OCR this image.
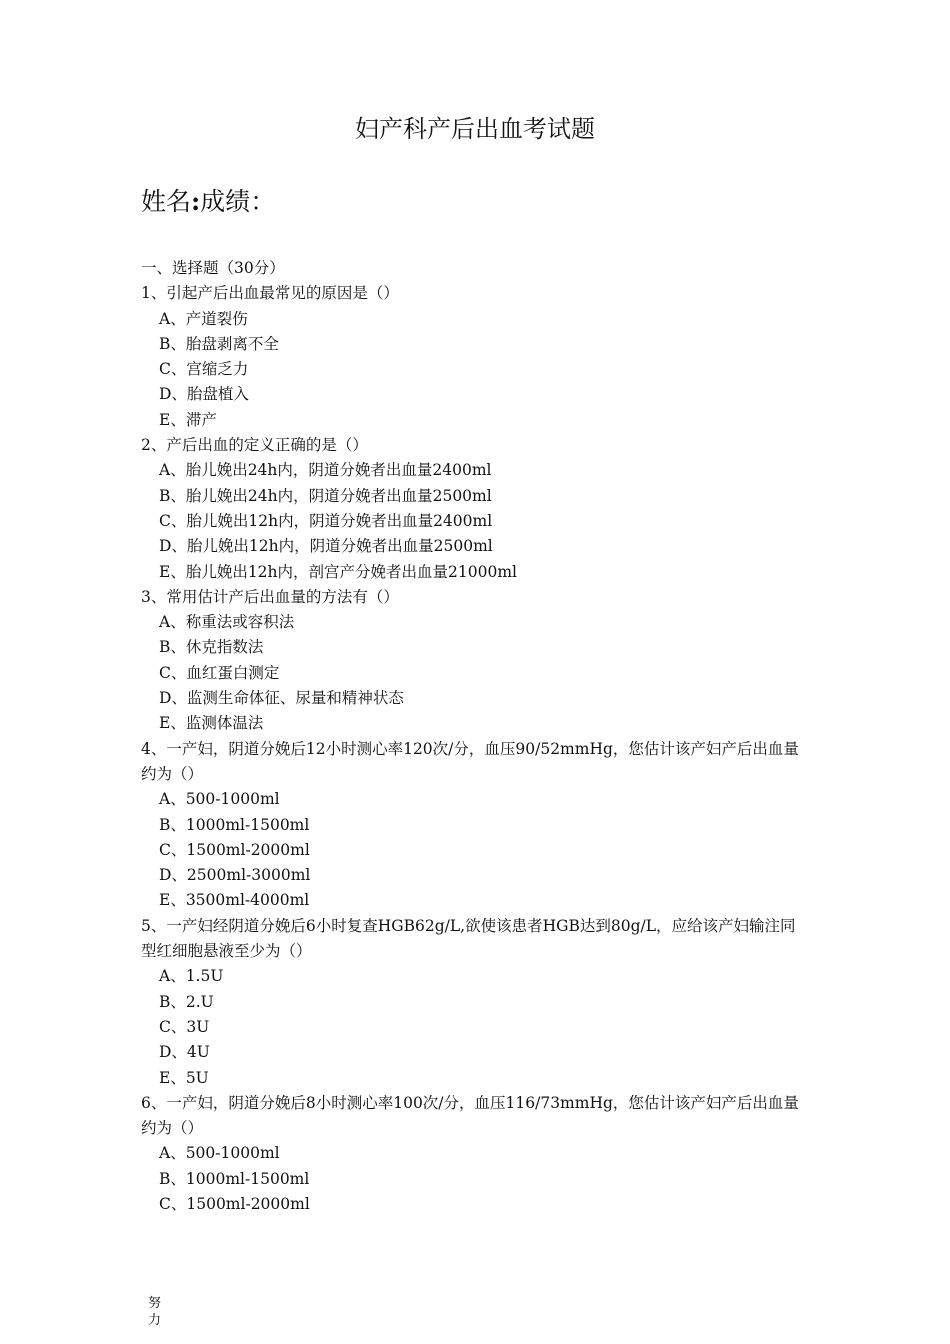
妇产科产后出血考试题
姓名:成绩：
一、选择题（30分）
1、引起产后出血最常见的原因是（）
A、产道裂伤
B、胎盘剥离不全
C、宫缩乏力
D、胎盘植入
E、滞产
2、产后出血的定义正确的是（）
A、胎儿娩出24h内，阴道分娩者出血量2400ml
B、胎儿娩出24h内，阴道分娩者出血量2500ml
C、胎儿娩出12h内，阴道分娩者出血量2400ml
D、胎儿娩出12h内，阴道分娩者出血量2500ml
E、胎儿娩出12h内，剖宫产分娩者出血量21000ml
3、常用估计产后出血量的方法有（）
A、称重法或容积法
B、休克指数法
C、血红蛋白测定
D、监测生命体征、尿量和精神状态
E、监测体温法
4、一产妇，阴道分娩后12小时测心率120次/分，血压90/52mmHg，您估计该产妇产后出血量约为（）
A、500-1000ml
B、1000ml-1500ml
C、1500ml-2000ml
D、2500ml-3000ml
E、3500ml-4000ml
5、一产妇经阴道分娩后6小时复查HGB62g/L,欲使该患者HGB达到80g/L，应给该产妇输注同型红细胞悬液至少为（）
A、1.5U
B、2.U
C、3U
D、4U
E、5U
6、一产妇，阴道分娩后8小时测心率100次/分，血压116/73mmHg，您估计该产妇产后出血量约为（）
A、500-1000ml
B、1000ml-1500ml
C、1500ml-2000ml
努力
